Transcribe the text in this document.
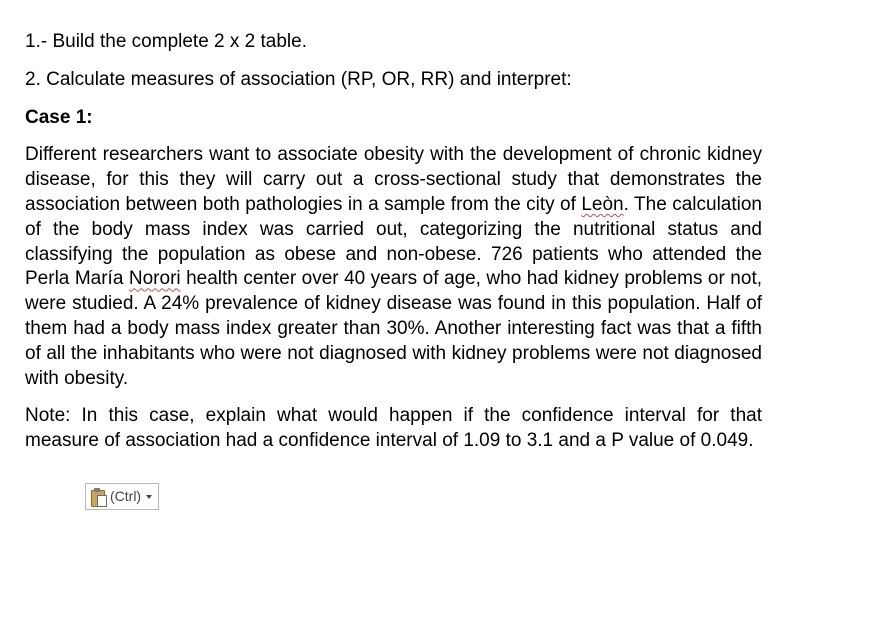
1.- Build the complete 2 x 2 table.
2. Calculate measures of association (RP, OR, RR) and interpret:
Case 1:

Different researchers want to associate obesity with the development of chronic kidney disease, for this they will carry out a cross-sectional study that demonstrates the association between both pathologies in a sample from the city of Leòn. The calculation of the body mass index was carried out, categorizing the nutritional status and classifying the population as obese and non-obese. 726 patients who attended the Perla María Norori health center over 40 years of age, who had kidney problems or not, were studied. A 24% prevalence of kidney disease was found in this population. Half of them had a body mass index greater than 30%. Another interesting fact was that a fifth of all the inhabitants who were not diagnosed with kidney problems were not diagnosed with obesity.

Note: In this case, explain what would happen if the confidence interval for that measure of association had a confidence interval of 1.09 to 3.1 and a P value of 0.049.

(Ctrl)
